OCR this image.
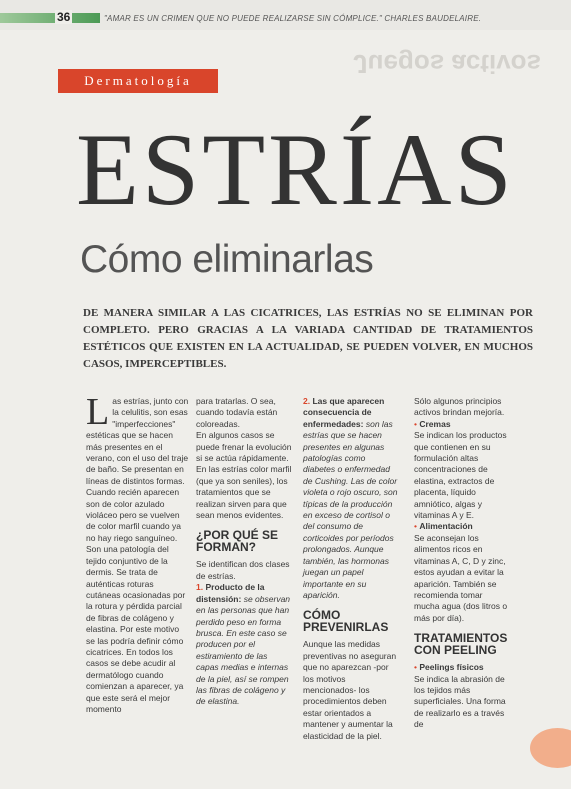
36	"AMAR ES UN CRIMEN QUE NO PUEDE REALIZARSE SIN CÓMPLICE." CHARLES BAUDELAIRE.
Juegos activos
Dermatología
ESTRÍAS
Cómo eliminarlas
DE MANERA SIMILAR A LAS CICATRICES, LAS ESTRÍAS NO SE ELIMINAN POR COMPLETO. PERO GRACIAS A LA VARIADA CANTIDAD DE TRATAMIENTOS ESTÉTICOS QUE EXISTEN EN LA ACTUALIDAD, SE PUEDEN VOLVER, EN MUCHOS CASOS, IMPERCEPTIBLES.

Las estrías, junto con la celulitis, son esas "imperfecciones" estéticas que se hacen más presentes en el verano, con el uso del traje de baño. Se presentan en líneas de distintos formas. Cuando recién aparecen son de color azulado violáceo pero se vuelven de color marfil cuando ya no hay riego sanguíneo. Son una patología del tejido conjuntivo de la dermis. Se trata de auténticas roturas cutáneas ocasionadas por la rotura y pérdida parcial de fibras de colágeno y elastina. Por este motivo se las podría definir cómo cicatrices. En todos los casos se debe acudir al dermatólogo cuando comienzan a aparecer, ya que este será el mejor momento

para tratarlas. O sea, cuando todavía están coloreadas.

En algunos casos se puede frenar la evolución si se actúa rápidamente. En las estrías color marfil (que ya son seniles), los tratamientos que se realizan sirven para que sean menos evidentes.

¿POR QUÉ SE FORMAN?

Se identifican dos clases de estrías.

1. Producto de la distensión: se observan en las personas que han perdido peso en forma brusca. En este caso se producen por el estiramiento de las capas medias e internas de la piel, así se rompen las fibras de colágeno y de elastina.

2. Las que aparecen consecuencia de enfermedades: son las estrías que se hacen presentes en algunas patologías como diabetes o enfermedad de Cushing. Las de color violeta o rojo oscuro, son típicas de la producción en exceso de cortisol o del consumo de corticoides por períodos prolongados. Aunque también, las hormonas juegan un papel importante en su aparición.

CÓMO PREVENIRLAS

Aunque las medidas preventivas no aseguran que no aparezcan -por los motivos mencionados- los procedimientos deben estar orientados a mantener y aumentar la elasticidad de la piel.

Sólo algunos principios activos brindan mejoría.

• Cremas

Se indican los productos que contienen en su formulación altas concentraciones de elastina, extractos de placenta, líquido amniótico, algas y vitaminas A y E.

• Alimentación

Se aconsejan los alimentos ricos en vitaminas A, C, D y zinc, estos ayudan a evitar la aparición. También se recomienda tomar mucha agua (dos litros o más por día).

TRATAMIENTOS CON PEELING

• Peelings físicos

Se indica la abrasión de los tejidos más superficiales. Una forma de realizarlo es a través de
